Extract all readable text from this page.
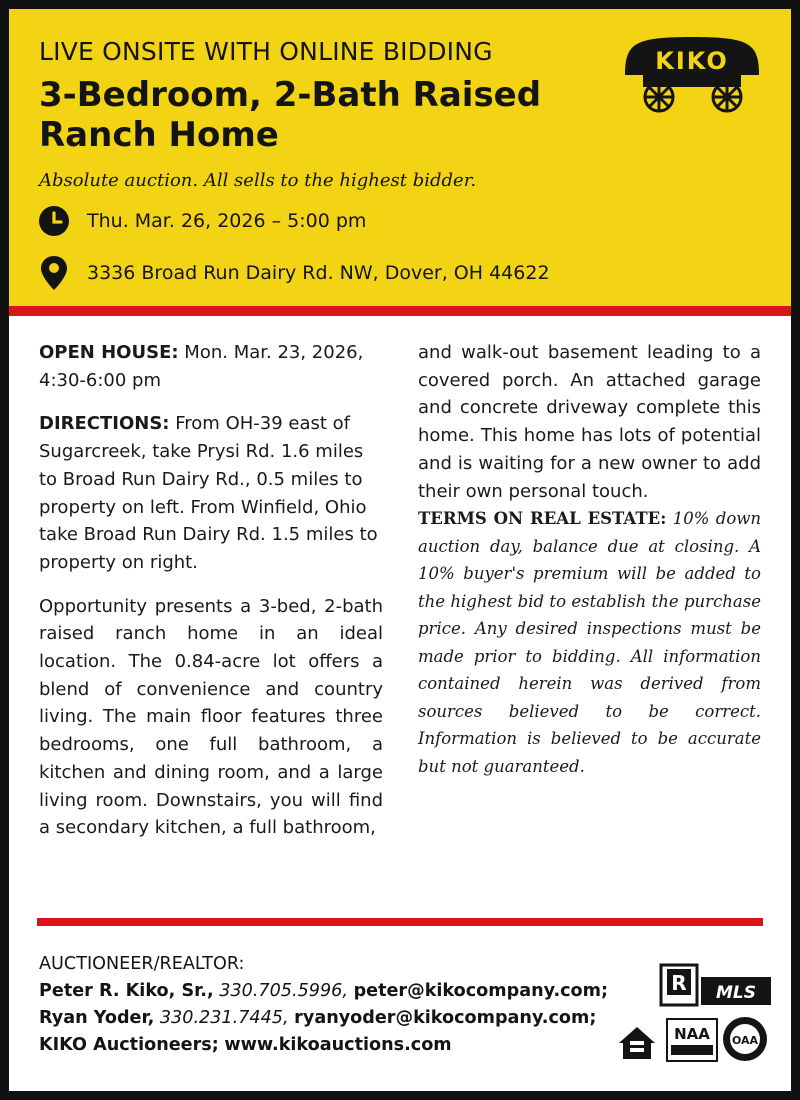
LIVE ONSITE WITH ONLINE BIDDING
3-Bedroom, 2-Bath Raised Ranch Home
Absolute auction. All sells to the highest bidder.
Thu. Mar. 26, 2026 – 5:00 pm
3336 Broad Run Dairy Rd. NW, Dover, OH 44622
KIKO

OPEN HOUSE: Mon. Mar. 23, 2026, 4:30-6:00 pm

DIRECTIONS: From OH-39 east of Sugarcreek, take Prysi Rd. 1.6 miles to Broad Run Dairy Rd., 0.5 miles to property on left. From Winfield, Ohio take Broad Run Dairy Rd. 1.5 miles to property on right.

Opportunity presents a 3-bed, 2-bath raised ranch home in an ideal location. The 0.84-acre lot offers a blend of convenience and country living. The main floor features three bedrooms, one full bathroom, a kitchen and dining room, and a large living room. Downstairs, you will find a secondary kitchen, a full bathroom,

and walk-out basement leading to a covered porch. An attached garage and concrete driveway complete this home. This home has lots of potential and is waiting for a new owner to add their own personal touch.

TERMS ON REAL ESTATE: 10% down auction day, balance due at closing. A 10% buyer's premium will be added to the highest bid to establish the purchase price. Any desired inspections must be made prior to bidding. All information contained herein was derived from sources believed to be correct. Information is believed to be accurate but not guaranteed.

AUCTIONEER/REALTOR:
Peter R. Kiko, Sr., 330.705.5996, peter@kikocompany.com;
Ryan Yoder, 330.231.7445, ryanyoder@kikocompany.com;
KIKO Auctioneers; www.kikoauctions.com
R MLS
NAA OAA
